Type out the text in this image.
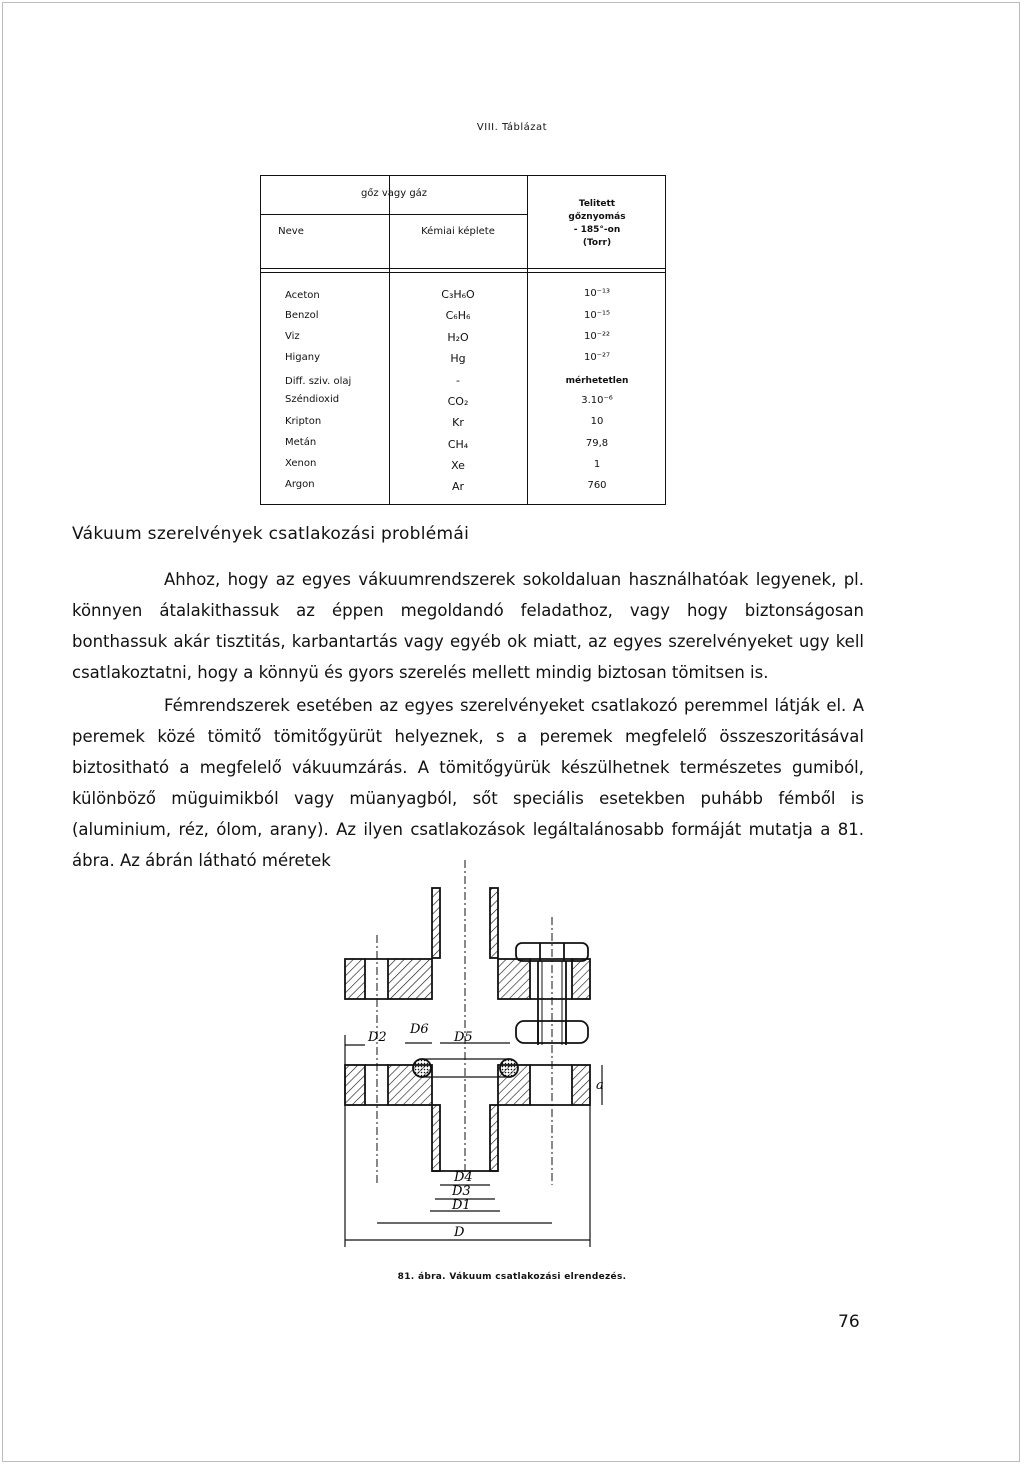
VIII. Táblázat
gőz vagy gáz
Neve	Kémiai képlete
Telitett
gőznyomás
- 185°-on
(Torr)
Aceton
Benzol
Viz
Higany
Diff. sziv. olaj
Széndioxid
Kripton
Metán
Xenon
Argon
C₃H₆O
C₆H₆
H₂O
Hg
-
CO₂
Kr
CH₄
Xe
Ar
10⁻¹³
10⁻¹⁵
10⁻²²
10⁻²⁷
mérhetetlen
3.10⁻⁶
10
79,8
1
760
Vákuum szerelvények csatlakozási problémái
Ahhoz, hogy az egyes vákuumrendszerek sokoldaluan használhatóak legyenek, pl. könnyen átalakithassuk az éppen megoldandó feladathoz, vagy hogy biztonságosan bonthassuk akár tisztitás, karbantartás vagy egyéb ok miatt, az egyes szerelvényeket ugy kell csatlakoztatni, hogy a könnyü és gyors szerelés mellett mindig biztosan tömitsen is.
Fémrendszerek esetében az egyes szerelvényeket csatlakozó peremmel látják el. A peremek közé tömitő tömitőgyürüt helyeznek, s a peremek megfelelő összeszoritásával biztositható a megfelelő vákuumzárás. A tömitőgyürük készülhetnek természetes gumiból, különböző müguimikból vagy müanyagból, sőt speciális esetekben puhább fémből is (aluminium, réz, ólom, arany). Az ilyen csatlakozások legáltalánosabb formáját mutatja a 81. ábra. Az ábrán látható méretek
D2
D6
D5
a
D4
D3
D1
D
81. ábra. Vákuum csatlakozási elrendezés.
76
